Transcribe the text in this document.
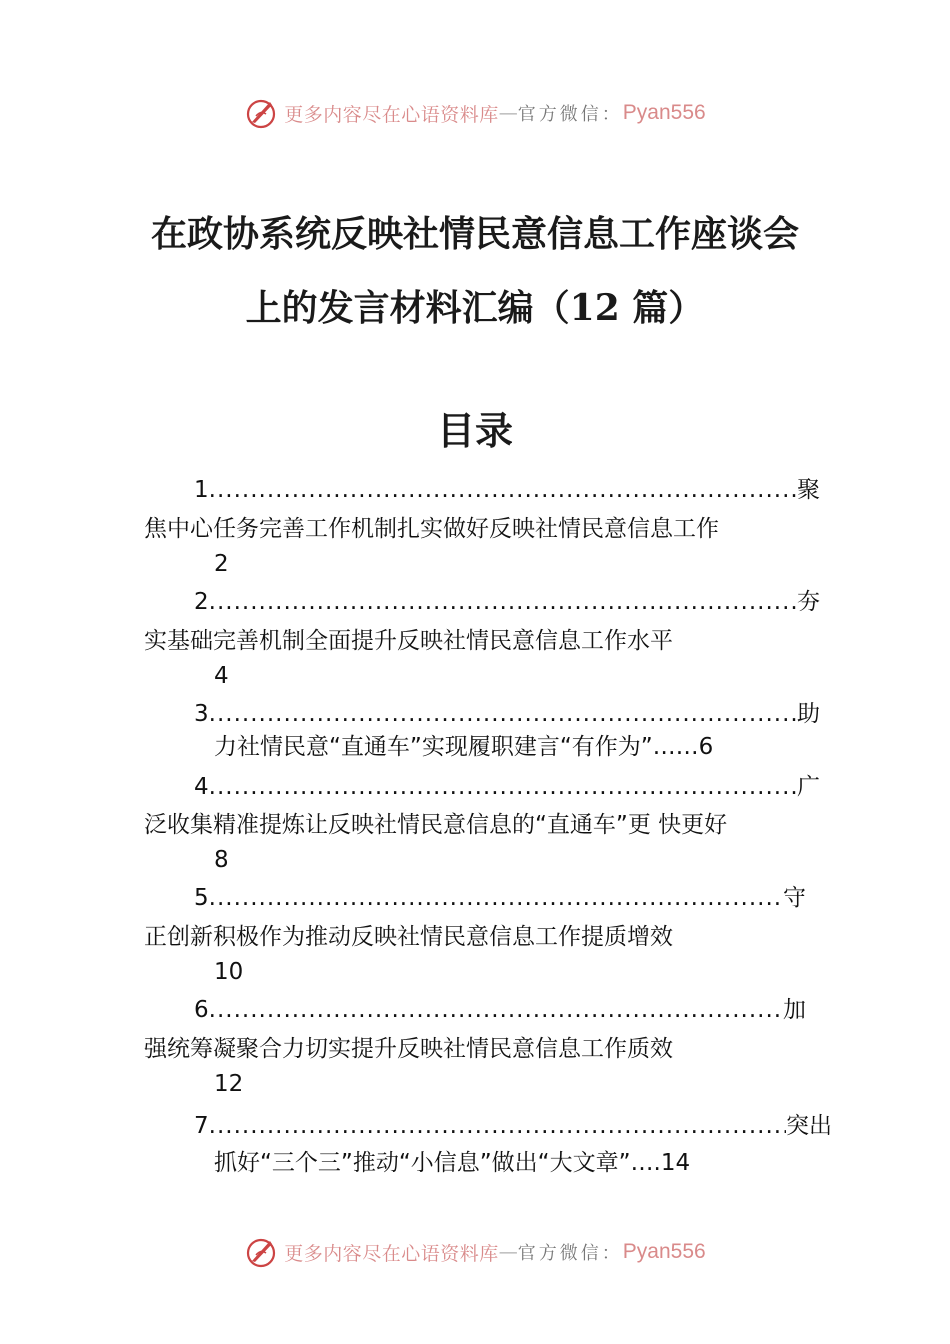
更多内容尽在心语资料库 — 官方微信： Pyan556
在政协系统反映社情民意信息工作座谈会
上的发言材料汇编（12 篇）
目录
1 .....	聚
焦中心任务完善工作机制扎实做好反映社情民意信息工作
2
2 .....	夯
实基础完善机制全面提升反映社情民意信息工作水平
4
3 .....	助
力社情民意“直通车”实现履职建言“有作为”……6
4 .....	广
泛收集精准提炼让反映社情民意信息的“直通车”更 快更好
8
5 .....	守
正创新积极作为推动反映社情民意信息工作提质增效
10
6 .....	加
强统筹凝聚合力切实提升反映社情民意信息工作质效
12
7 .....	突出
抓好“三个三”推动“小信息”做出“大文章”….14
更多内容尽在心语资料库 — 官方微信： Pyan556
